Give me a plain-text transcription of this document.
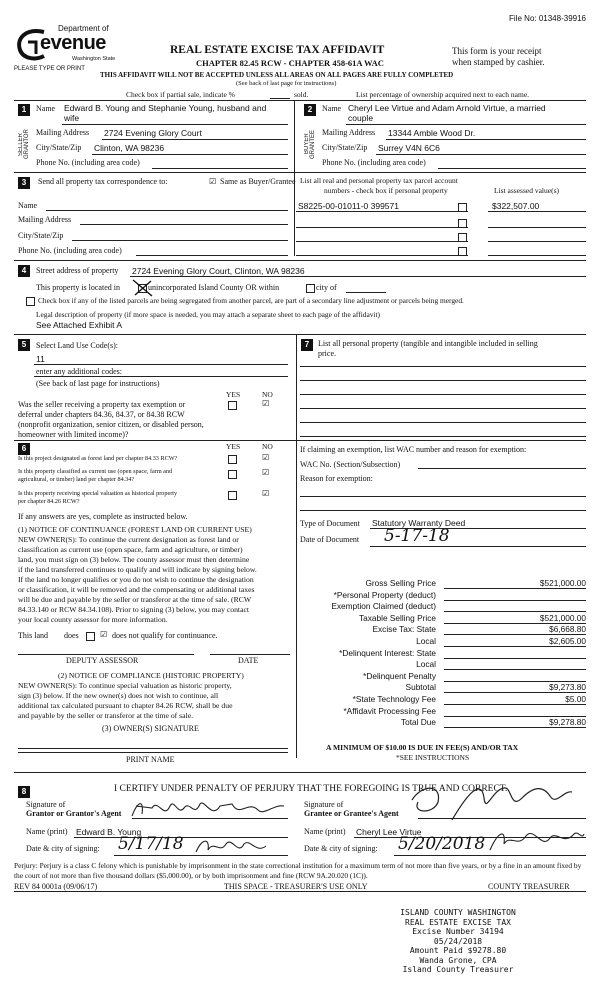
File No: 01348-39916
Department of
evenue
Washington State
PLEASE TYPE OR PRINT
REAL ESTATE EXCISE TAX AFFIDAVIT
CHAPTER 82.45 RCW - CHAPTER 458-61A WAC
This form is your receipt
when stamped by cashier.
THIS AFFIDAVIT WILL NOT BE ACCEPTED UNLESS ALL AREAS ON ALL PAGES ARE FULLY COMPLETED
(See back of last page for instructions)
Check box if partial sale, indicate %	sold.	List percentage of ownership acquired next to each name.
1
SELLER GRANTOR
Name Edward B. Young and Stephanie Young, husband and
wife
Mailing Address 2724 Evening Glory Court
City/State/Zip Clinton, WA 98236
Phone No. (including area code)
2
BUYER GRANTEE
Name Cheryl Lee Virtue and Adam Arnold Virtue, a married
couple
Mailing Address 13344 Amble Wood Dr.
City/State/Zip Surrey V4N 6C6
Phone No. (including area code)
3	Send all property tax correspondence to:	☑ Same as Buyer/Grantee
Name
Mailing Address
City/State/Zip
Phone No. (including area code)
List all real and personal property tax parcel account
numbers - check box if personal property	List assessed value(s)
S8225-00-01011-0 399571	$322,507.00
4	Street address of property 2724 Evening Glory Court, Clinton, WA 98236
This property is located in	unincorporated Island County OR within	city of
Check box if any of the listed parcels are being segregated from another parcel, are part of a secondary line adjustment or parcels being merged.
Legal description of property (if more space is needed, you may attach a separate sheet to each page of the affidavit)
See Attached Exhibit A
5	Select Land Use Code(s):
11
enter any additional codes:
(See back of last page for instructions)
YES	NO
Was the seller receiving a property tax exemption or	☑
deferral under chapters 84.36, 84.37, or 84.38 RCW
(nonprofit organization, senior citizen, or disabled person,
homeowner with limited income)?
7	List all personal property (tangible and intangible included in selling
price.
6	YES	NO
Is this project designated as forest land per chapter 84.33 RCW?	☑
Is this property classified as current use (open space, farm and
agricultural, or timber) land per chapter 84.34?
☑
Is this property receiving special valuation as historical property
per chapter 84.26 RCW?
☑
If any answers are yes, complete as instructed below.
(1) NOTICE OF CONTINUANCE (FOREST LAND OR CURRENT USE)
NEW OWNER(S): To continue the current designation as forest land or
classification as current use (open space, farm and agriculture, or timber)
land, you must sign on (3) below. The county assessor must then determine
if the land transferred continues to qualify and will indicate by signing below.
If the land no longer qualifies or you do not wish to continue the designation
or classification, it will be removed and the compensating or additional taxes
will be due and payable by the seller or transferor at the time of sale. (RCW
84.33.140 or RCW 84.34.108). Prior to signing (3) below, you may contact
your local county assessor for more information.
This land does	☑ does not qualify for continuance.
DEPUTY ASSESSOR	DATE
(2) NOTICE OF COMPLIANCE (HISTORIC PROPERTY)
NEW OWNER(S): To continue special valuation as historic property,
sign (3) below. If the new owner(s) does not wish to continue, all
additional tax calculated pursuant to chapter 84.26 RCW, shall be due
and payable by the seller or transferor at the time of sale.
(3) OWNER(S) SIGNATURE
PRINT NAME
If claiming an exemption, list WAC number and reason for exemption:
WAC No. (Section/Subsection)
Reason for exemption:
Type of Document Statutory Warranty Deed
Date of Document 5-17-18
Gross Selling Price	$521,000.00
*Personal Property (deduct)
Exemption Claimed (deduct)
Taxable Selling Price	$521,000.00
Excise Tax: State	$6,668.80
Local	$2,605.00
*Delinquent Interest: State
Local
*Delinquent Penalty
Subtotal	$9,273.80
*State Technology Fee	$5.00
*Affidavit Processing Fee
Total Due	$9,278.80
A MINIMUM OF $10.00 IS DUE IN FEE(S) AND/OR TAX
*SEE INSTRUCTIONS
8	I CERTIFY UNDER PENALTY OF PERJURY THAT THE FOREGOING IS TRUE AND CORRECT.
Signature of
Grantor or Grantor's Agent
Signature of
Grantee or Grantee's Agent
Name (print) Edward B. Young	Name (print) Cheryl Lee Virtue
Date & city of signing: 5/17/18	Date & city of signing: 5/20/2018
Perjury: Perjury is a class C felony which is punishable by imprisonment in the state correctional institution for a maximum term of not more than five years, or by a fine in an amount fixed by the court of not more than five thousand dollars ($5,000.00), or by both imprisonment and fine (RCW 9A.20.020 (1C)).
REV 84 0001a (09/06/17)	THIS SPACE - TREASURER'S USE ONLY	COUNTY TREASURER
ISLAND COUNTY WASHINGTON
REAL ESTATE EXCISE TAX
Excise Number 34194
05/24/2018
Amount Paid $9278.80
Wanda Grone, CPA
Island County Treasurer
